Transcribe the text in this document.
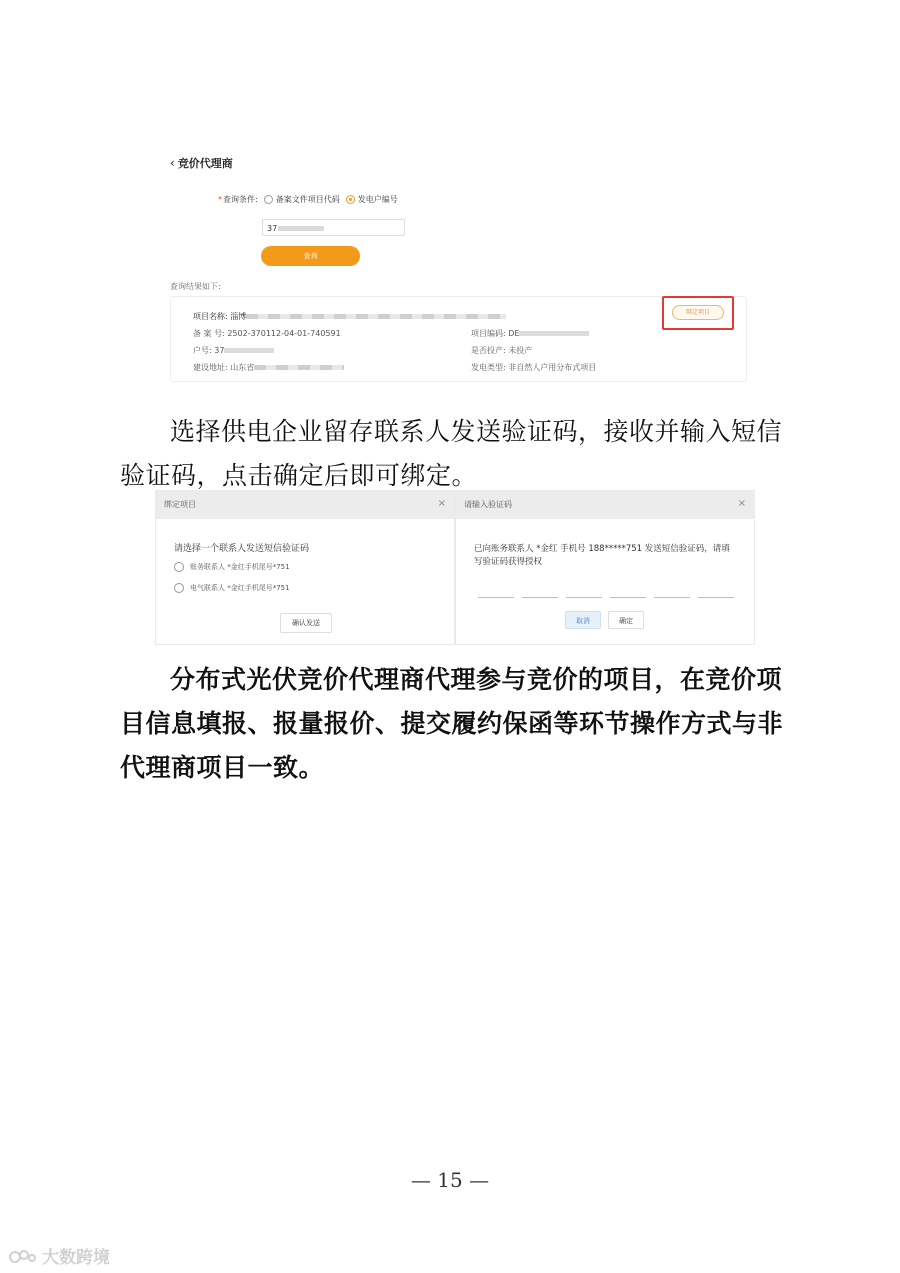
‹ 竞价代理商
*查询条件: 备案文件项目代码 发电户编号
37
查询
查询结果如下:
项目名称: 淄博
备 案 号: 2502-370112-04-01-740591	项目编码: DE
户号: 37	是否投产: 未投产
建设地址: 山东省	发电类型: 非自然人户用分布式项目
绑定项目
选择供电企业留存联系人发送验证码，接收并输入短信验证码，点击确定后即可绑定。
绑定项目	×
请选择一个联系人发送短信验证码
账务联系人 *金红手机尾号*751
电气联系人 *金红手机尾号*751
确认发送
请输入验证码	×
已向账务联系人 *金红 手机号 188*****751 发送短信验证码，请填写验证码获得授权
取消	确定
分布式光伏竞价代理商代理参与竞价的项目，在竞价项目信息填报、报量报价、提交履约保函等环节操作方式与非代理商项目一致。
— 15 —
大数跨境
